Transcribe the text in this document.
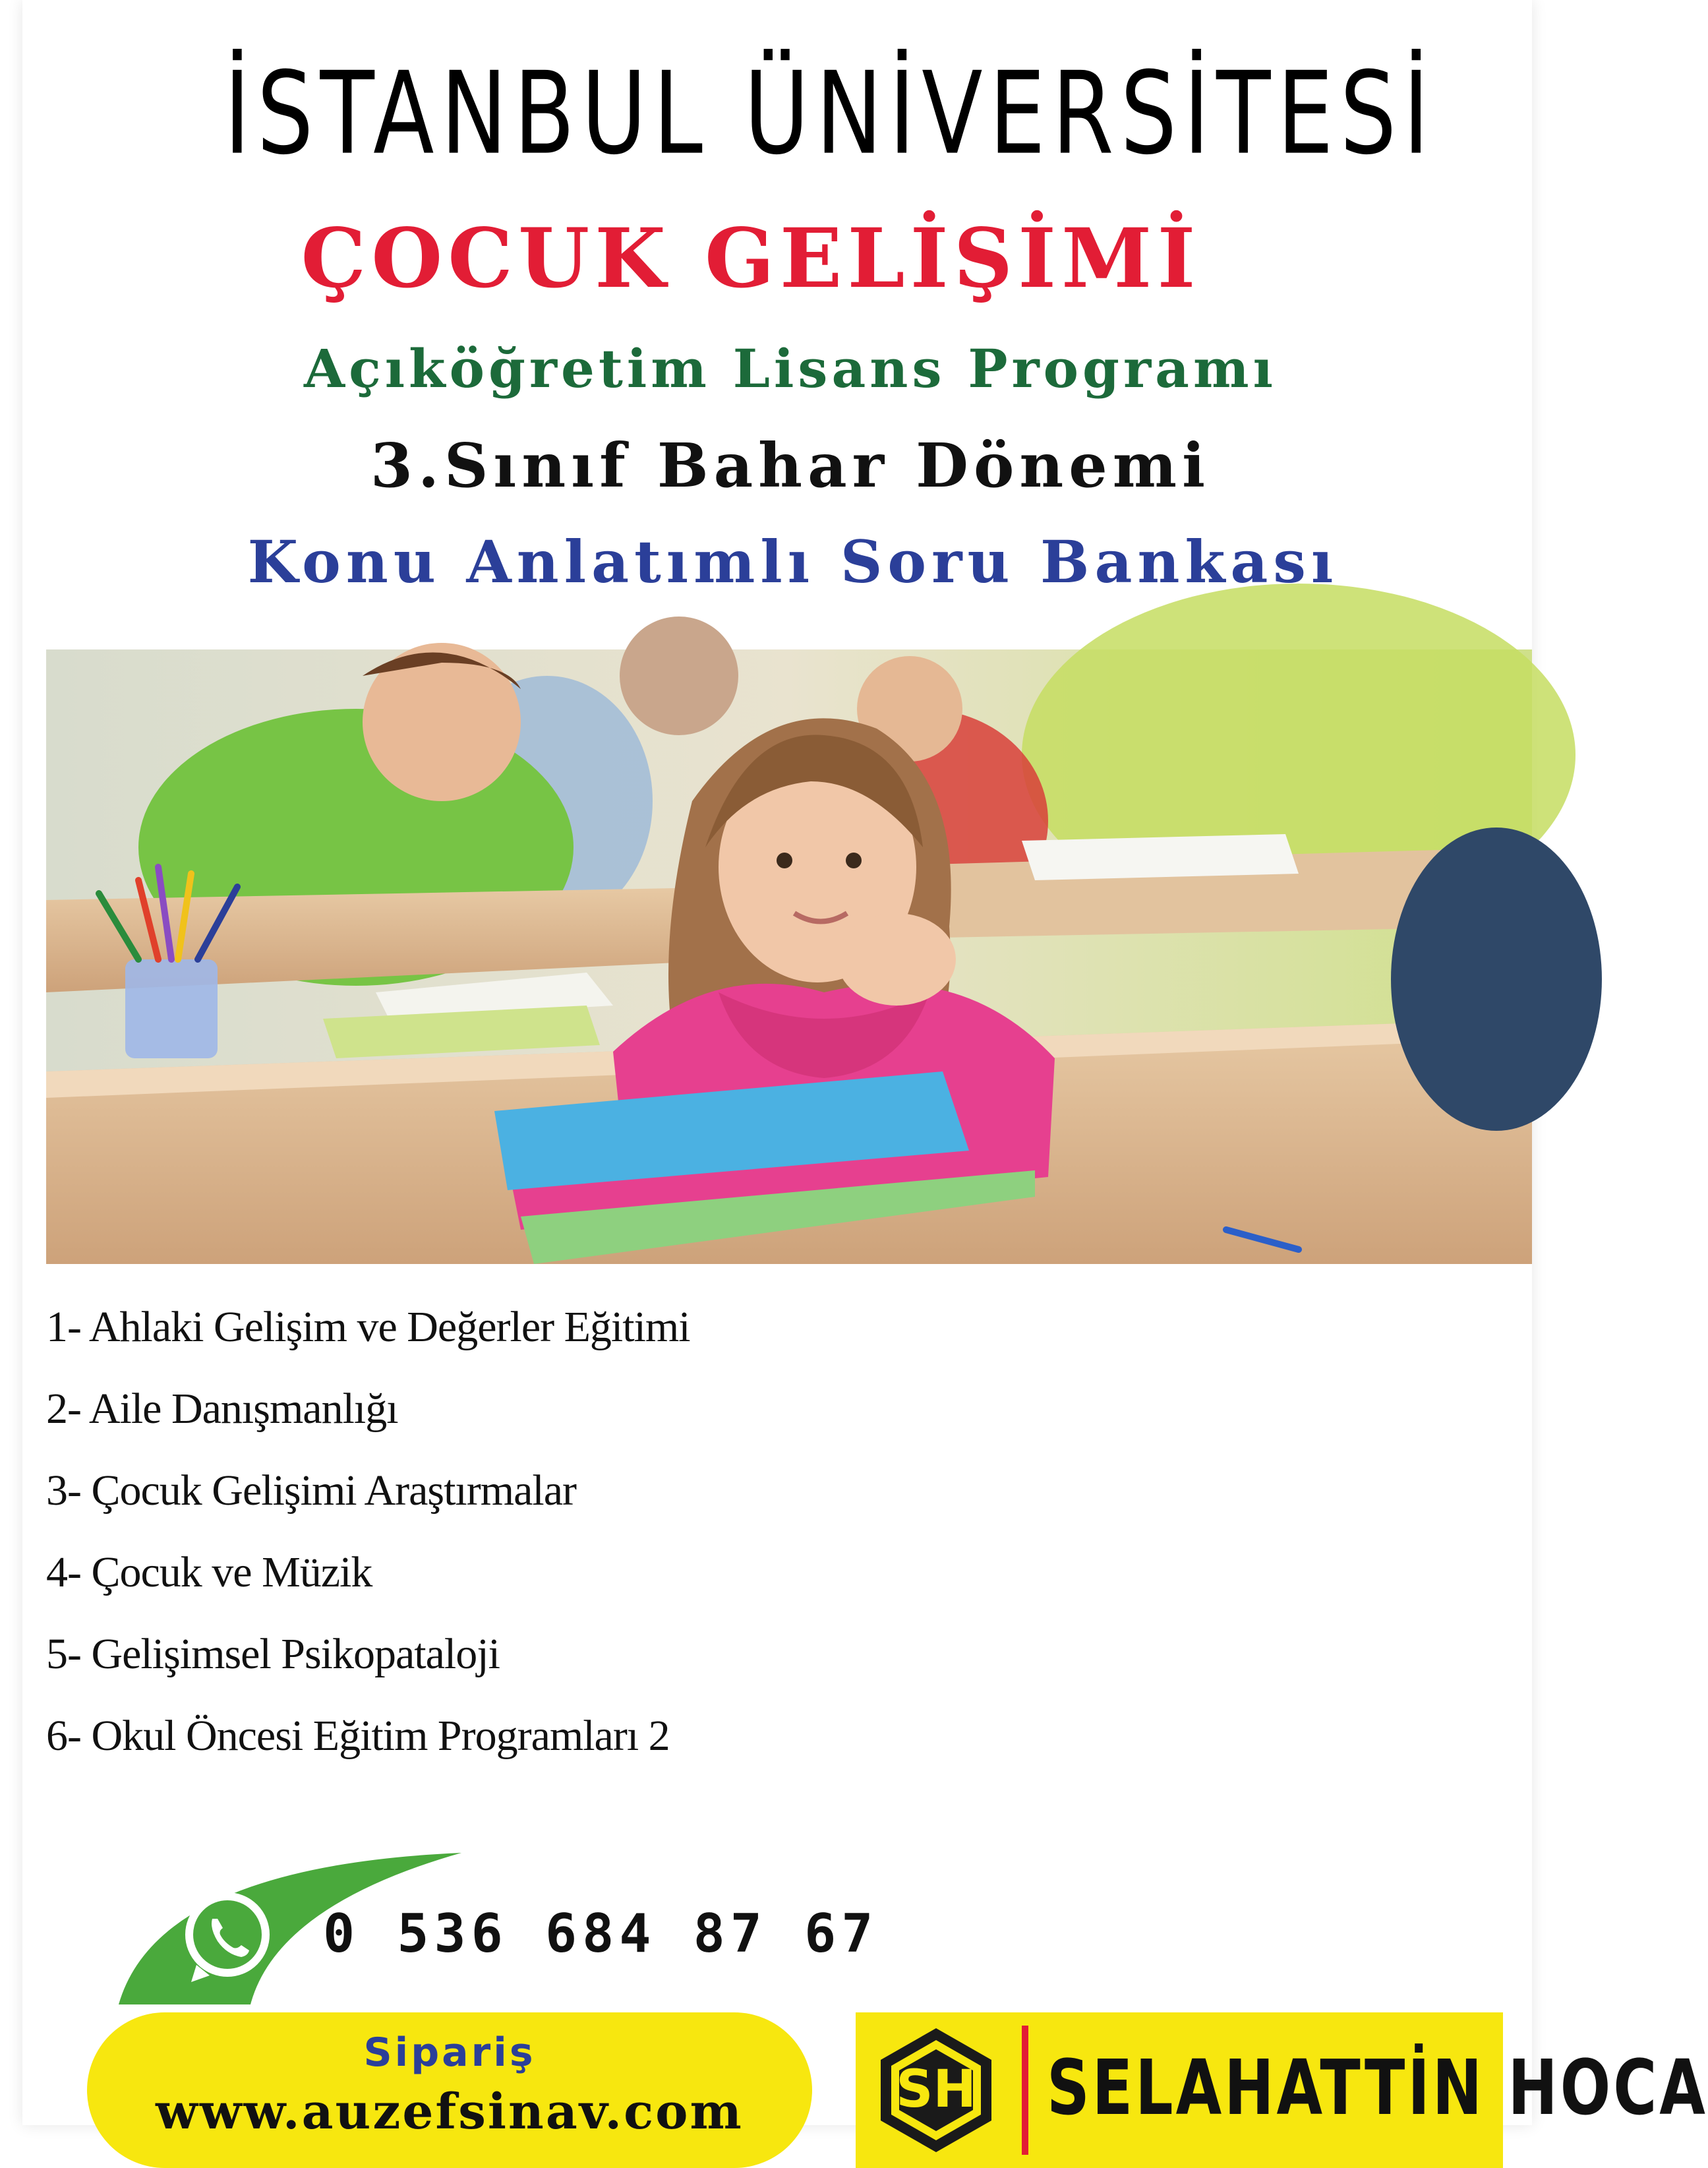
İSTANBUL ÜNİVERSİTESİ
ÇOCUK GELİŞİMİ
Açıköğretim Lisans Programı
3.Sınıf Bahar Dönemi
Konu Anlatımlı Soru Bankası
1- Ahlaki Gelişim ve Değerler Eğitimi
2- Aile Danışmanlığı
3- Çocuk Gelişimi Araştırmalar
4- Çocuk ve Müzik
5- Gelişimsel Psikopataloji
6- Okul Öncesi Eğitim Programları 2
0 536 684 87 67
Sipariş
www.auzefsinav.com	SH SELAHATTİN HOCA
